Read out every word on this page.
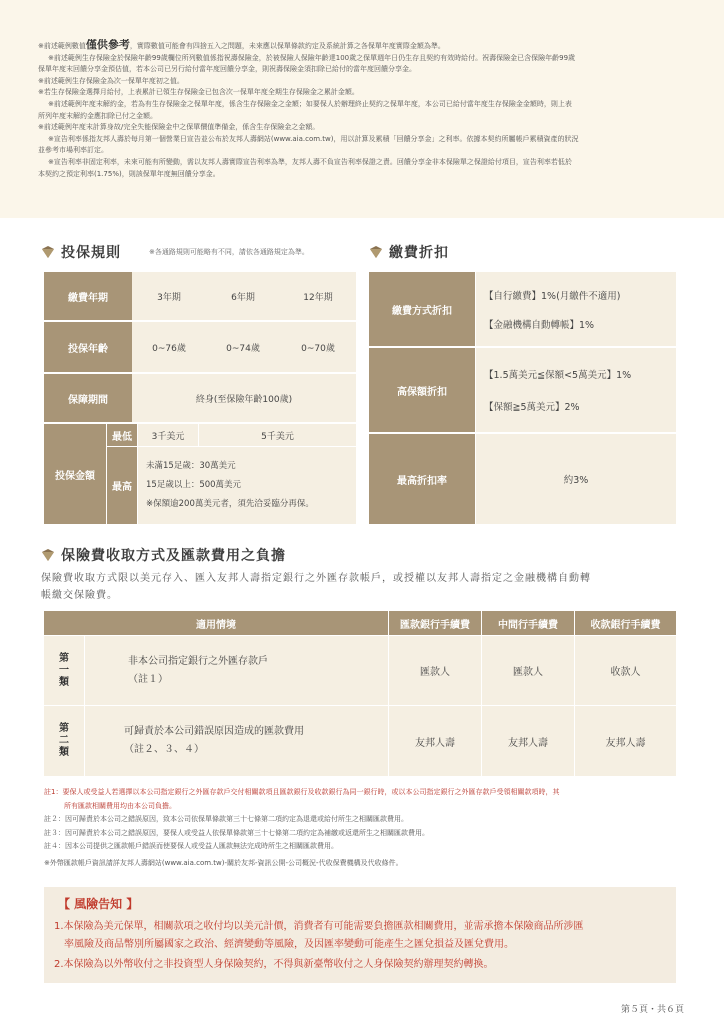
※前述範例數值僅供參考，實際數值可能會有四捨五入之問題，未來應以保單條款約定及系統計算之各保單年度實際金額為準。
※前述範例生存保險金於保險年齡99歲欄位所列數值係指祝壽保險金，於被保險人保險年齡達100歲之保單週年日仍生存且契約有效時給付。祝壽保險金已含保險年齡99歲
保單年度末回饋分享金預估值，若本公司已另行給付當年度回饋分享金，則祝壽保險金須扣除已給付的當年度回饋分享金。
※前述範例生存保險金為次一保單年度初之值。
※若生存保險金選擇月給付，上表累計已領生存保險金已包含次一保單年度全期生存保險金之累計金額。
※前述範例年度末解約金，若為有生存保險金之保單年度，係含生存保險金之金額；如要保人於辦理終止契約之保單年度，本公司已給付當年度生存保險金金額時，則上表
所列年度末解約金應扣除已付之金額。
※前述範例年度末計算身故/完全失能保險金中之保單價值準備金，係含生存保險金之金額。
※宣告利率係指友邦人壽於每月第一個營業日宣告並公布於友邦人壽網站(www.aia.com.tw)，用以計算及累積「回饋分享金」之利率。依據本契約所屬帳戶累積資產的狀況
並參考市場利率訂定。
※宣告利率非固定利率，未來可能有所變動，需以友邦人壽實際宣告利率為準，友邦人壽不負宣告利率保證之責。回饋分享金非本保險單之保證給付項目，宣告利率若低於
本契約之預定利率(1.75%)，則該保單年度無回饋分享金。
投保規則	※各通路規則可能略有不同，請依各通路規定為準。	繳費折扣
繳費年期	3年期	6年期	12年期
投保年齡	0~76歲	0~74歲	0~70歲
保障期間	終身(至保險年齡100歲)
投保金額
最低	3千美元	5千美元
最高
未滿15足歲：30萬美元
15足歲以上：500萬美元
※保額逾200萬美元者，須先洽妥臨分再保。
繳費方式折扣
【自行繳費】1%(月繳件不適用)
【金融機構自動轉帳】1%
高保額折扣
【1.5萬美元≦保額<5萬美元】1%
【保額≧5萬美元】2%
最高折扣率	約3%
保險費收取方式及匯款費用之負擔
保險費收取方式限以美元存入、匯入友邦人壽指定銀行之外匯存款帳戶，或授權以友邦人壽指定之金融機構自動轉
帳繳交保險費。
適用情境	匯款銀行手續費	中間行手續費	收款銀行手續費
第
一
類
非本公司指定銀行之外匯存款戶
（註１）
匯款人	匯款人	收款人
第
二
類
可歸責於本公司錯誤原因造成的匯款費用
（註２、３、４）
友邦人壽	友邦人壽	友邦人壽
註1：要保人或受益人若選擇以本公司指定銀行之外匯存款戶交付相關款項且匯款銀行及收款銀行為同一銀行時，或以本公司指定銀行之外匯存款戶受領相關款項時，其
所有匯款相關費用均由本公司負擔。
註２：因可歸責於本公司之錯誤原因，致本公司依保單條款第三十七條第二項約定為退還或給付所生之相關匯款費用。
註３：因可歸責於本公司之錯誤原因，要保人或受益人依保單條款第三十七條第二項約定為補繳或返還所生之相關匯款費用。
註４：因本公司提供之匯款帳戶錯誤而使要保人或受益人匯款無法完成時所生之相關匯款費用。
※外幣匯款帳戶資訊請詳友邦人壽網站(www.aia.com.tw)-關於友邦-資訊公開-公司概況-代收保費機構及代收條件。
【 風險告知 】
1.本保險為美元保單，相關款項之收付均以美元計價，消費者有可能需要負擔匯款相關費用，並需承擔本保險商品所涉匯
率風險及商品幣別所屬國家之政治、經濟變動等風險，及因匯率變動可能產生之匯兌損益及匯兌費用。
2.本保險為以外幣收付之非投資型人身保險契約，不得與新臺幣收付之人身保險契約辦理契約轉換。
第５頁・共６頁
